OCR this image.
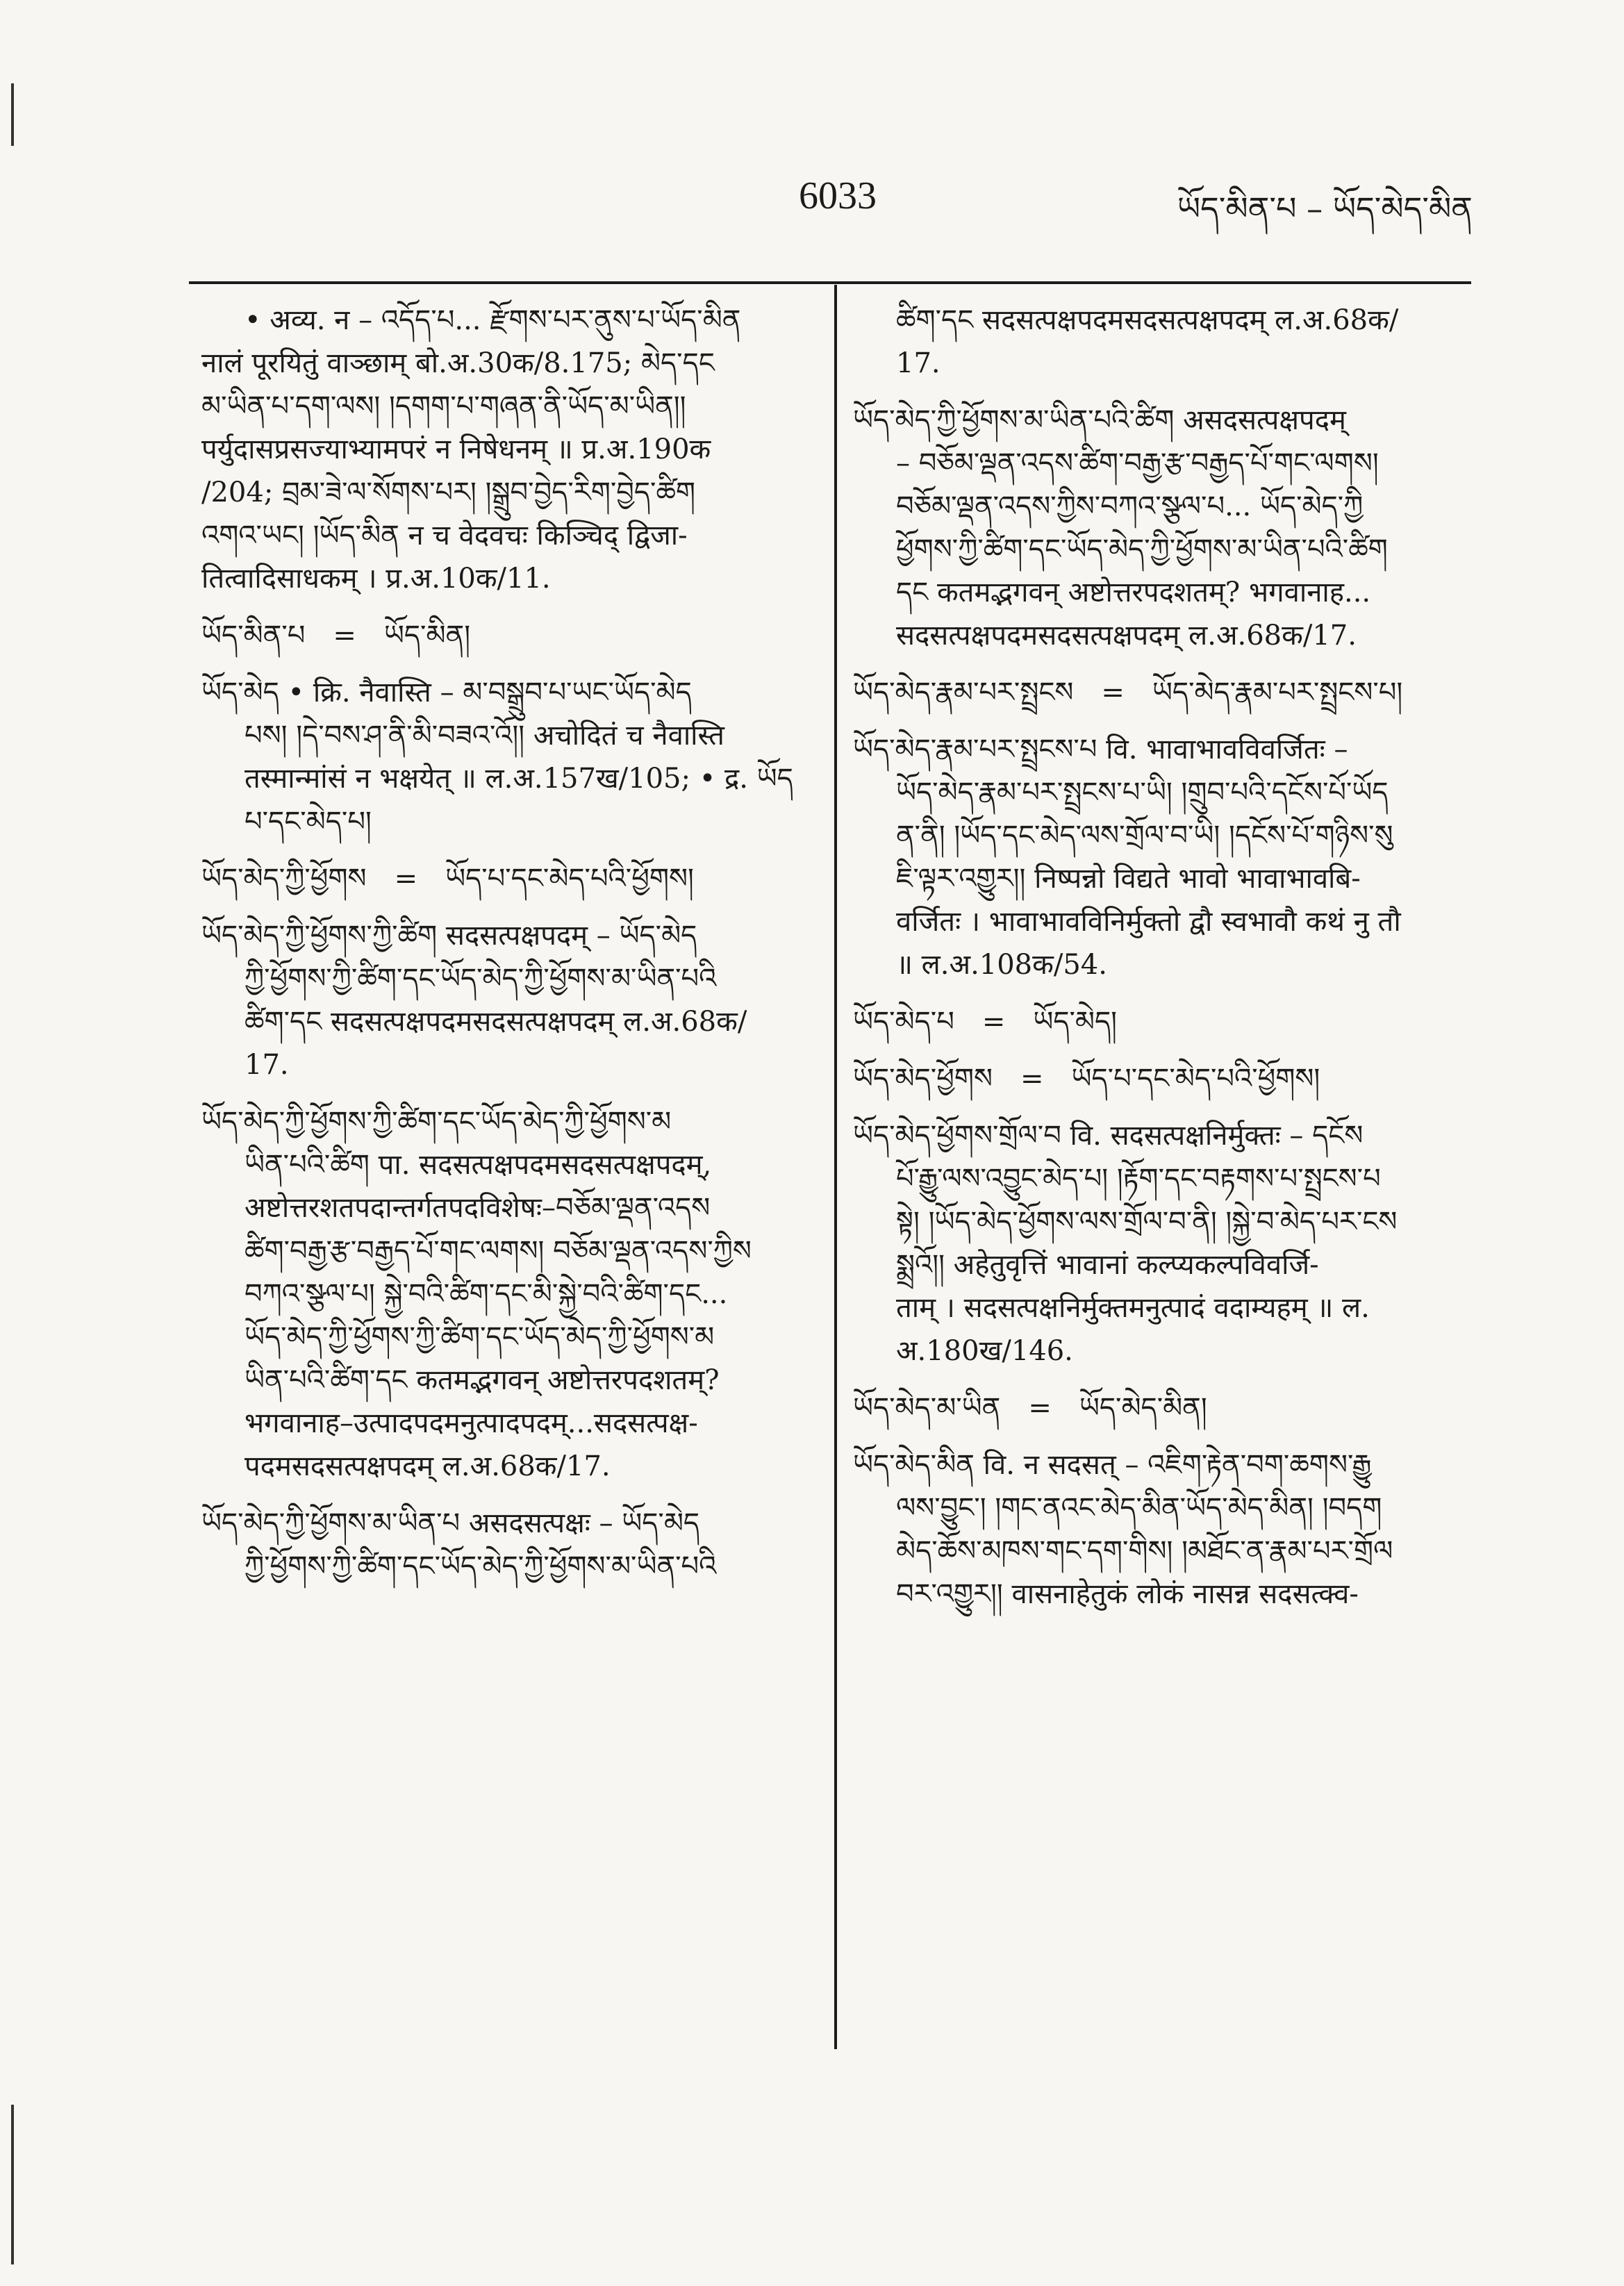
6033	ཡོད་མིན་པ – ཡོད་མེད་མིན

• अव्य. न – འདོད་པ... རྫོགས་པར་ནུས་པ་ཡོད་མིན

नालं पूरयितुं वाञ्छाम् बो.अ.30क/8.175; མེད་དང

མ་ཡིན་པ་དག་ལས། །དགག་པ་གཞན་ནི་ཡོད་མ་ཡིན།།

पर्युदासप्रसज्याभ्यामपरं न निषेधनम् ॥ प्र.अ.190क

/204; བྲམ་ཟེ་ལ་སོགས་པར། །སྒྲུབ་བྱེད་རིག་བྱེད་ཚིག

འགའ་ཡང། །ཡོད་མིན न च वेदवचः किञ्चिद् द्विजा-

तित्वादिसाधकम् । प्र.अ.10क/11.

ཡོད་མིན་པ = ཡོད་མིན།

ཡོད་མེད • क्रि. नैवास्ति – མ་བསྒྲུབ་པ་ཡང་ཡོད་མེད

པས། །དེ་བས་ཤ་ནི་མི་བཟའ་འོ།། अचोदितं च नैवास्ति

तस्मान्मांसं न भक्षयेत् ॥ ल.अ.157ख/105; • द्र. ཡོད

པ་དང་མེད་པ།

ཡོད་མེད་ཀྱི་ཕྱོགས = ཡོད་པ་དང་མེད་པའི་ཕྱོགས།

ཡོད་མེད་ཀྱི་ཕྱོགས་ཀྱི་ཚིག सदसत्पक्षपदम् – ཡོད་མེད

ཀྱི་ཕྱོགས་ཀྱི་ཚིག་དང་ཡོད་མེད་ཀྱི་ཕྱོགས་མ་ཡིན་པའི

ཚིག་དང सदसत्पक्षपदमसदसत्पक्षपदम् ल.अ.68क/

17.

ཡོད་མེད་ཀྱི་ཕྱོགས་ཀྱི་ཚིག་དང་ཡོད་མེད་ཀྱི་ཕྱོགས་མ

ཡིན་པའི་ཚིག पा. सदसत्पक्षपदमसदसत्पक्षपदम्,

अष्टोत्तरशतपदान्तर्गतपदविशेषः–བཅོམ་ལྡན་འདས

ཚིག་བརྒྱ་རྩ་བརྒྱད་པོ་གང་ལགས། བཅོམ་ལྡན་འདས་ཀྱིས

བཀའ་སྩལ་པ། སྐྱེ་བའི་ཚིག་དང་མི་སྐྱེ་བའི་ཚིག་དང...

ཡོད་མེད་ཀྱི་ཕྱོགས་ཀྱི་ཚིག་དང་ཡོད་མེད་ཀྱི་ཕྱོགས་མ

ཡིན་པའི་ཚིག་དང कतमद्भगवन् अष्टोत्तरपदशतम्?

भगवानाह–उत्पादपदमनुत्पादपदम्...सदसत्पक्ष-

पदमसदसत्पक्षपदम् ल.अ.68क/17.

ཡོད་མེད་ཀྱི་ཕྱོགས་མ་ཡིན་པ असदसत्पक्षः – ཡོད་མེད

ཀྱི་ཕྱོགས་ཀྱི་ཚིག་དང་ཡོད་མེད་ཀྱི་ཕྱོགས་མ་ཡིན་པའི

ཚིག་དང सदसत्पक्षपदमसदसत्पक्षपदम् ल.अ.68क/

17.

ཡོད་མེད་ཀྱི་ཕྱོགས་མ་ཡིན་པའི་ཚིག असदसत्पक्षपदम्

– བཅོམ་ལྡན་འདས་ཚིག་བརྒྱ་རྩ་བརྒྱད་པོ་གང་ལགས།

བཅོམ་ལྡན་འདས་ཀྱིས་བཀའ་སྩལ་པ... ཡོད་མེད་ཀྱི

ཕྱོགས་ཀྱི་ཚིག་དང་ཡོད་མེད་ཀྱི་ཕྱོགས་མ་ཡིན་པའི་ཚིག

དང कतमद्भगवन् अष्टोत्तरपदशतम्? भगवानाह...

सदसत्पक्षपदमसदसत्पक्षपदम् ल.अ.68क/17.

ཡོད་མེད་རྣམ་པར་སྤྲངས = ཡོད་མེད་རྣམ་པར་སྤྲངས་པ།

ཡོད་མེད་རྣམ་པར་སྤྲངས་པ वि. भावाभावविवर्जितः –

ཡོད་མེད་རྣམ་པར་སྤྲངས་པ་ཡི། །གྲུབ་པའི་དངོས་པོ་ཡོད

ན་ནི། །ཡོད་དང་མེད་ལས་གྲོལ་བ་ཡི། །དངོས་པོ་གཉིས་སུ

ཇི་ལྟར་འགྱུར།། निष्पन्नो विद्यते भावो भावाभावबि-

वर्जितः । भावाभावविनिर्मुक्तो द्वौ स्वभावौ कथं नु तौ

॥ ल.अ.108क/54.

ཡོད་མེད་པ = ཡོད་མེད།
ཡོད་མེད་ཕྱོགས = ཡོད་པ་དང་མེད་པའི་ཕྱོགས།

ཡོད་མེད་ཕྱོགས་གྲོལ་བ वि. सदसत्पक्षनिर्मुक्तः – དངོས

པོ་རྒྱུ་ལས་འབྱུང་མེད་པ། །རྟོག་དང་བརྟགས་པ་སྤྲངས་པ

སྟེ། །ཡོད་མེད་ཕྱོགས་ལས་གྲོལ་བ་ནི། །སྐྱེ་བ་མེད་པར་ངས

སྨྲའོ།། अहेतुवृत्तिं भावानां कल्प्यकल्पविवर्जि-

ताम् । सदसत्पक्षनिर्मुक्तमनुत्पादं वदाम्यहम् ॥ ल.

अ.180ख/146.

ཡོད་མེད་མ་ཡིན = ཡོད་མེད་མིན།

ཡོད་མེད་མིན वि. न सदसत् – འཇིག་རྟེན་བག་ཆགས་རྒྱུ

ལས་བྱུང་། །གང་ནའང་མེད་མིན་ཡོད་མེད་མིན། །བདག

མེད་ཆོས་མཁས་གང་དག་གིས། །མཐོང་ན་རྣམ་པར་གྲོལ

བར་འགྱུར།། वासनाहेतुकं लोकं नासन्न सदसत्क्व-
